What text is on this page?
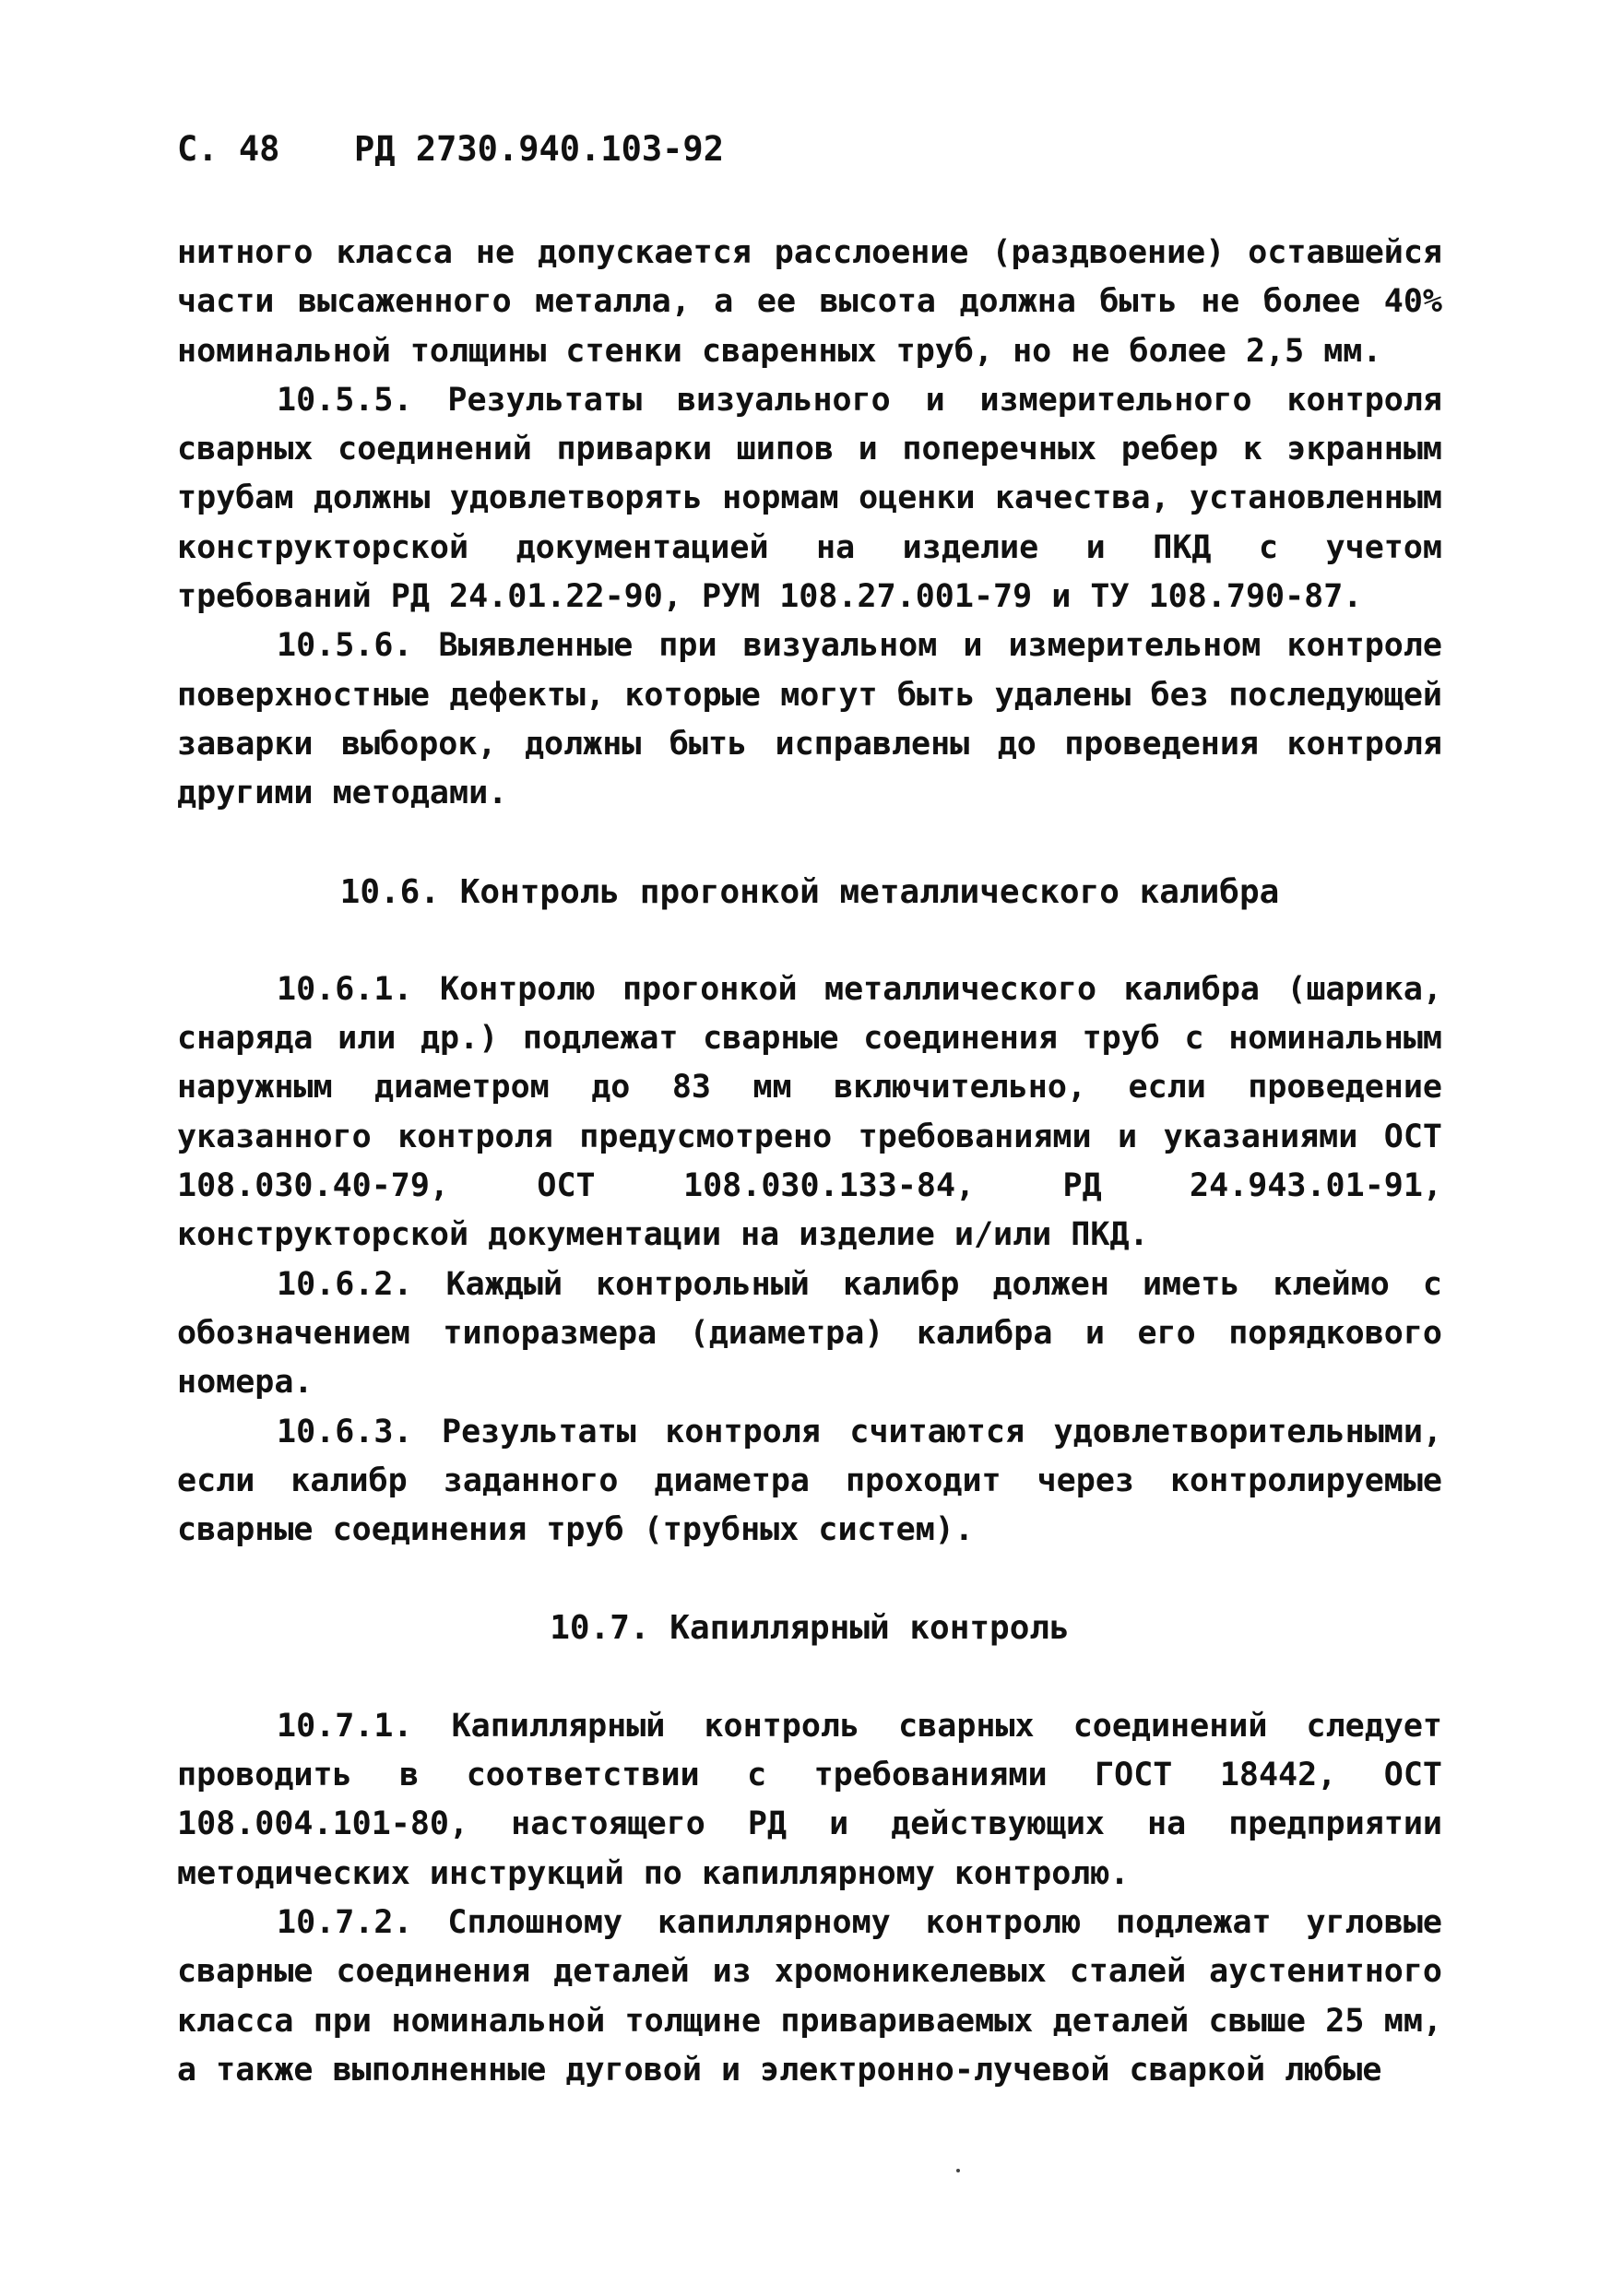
С. 48 РД 2730.940.103-92

нитного класса не допускается расслоение (раздвоение) оставшейся части высаженного металла, а ее высота должна быть не более 40% номинальной толщины стенки сваренных труб, но не более 2,5 мм.

10.5.5. Результаты визуального и измерительного контроля сварных соединений приварки шипов и поперечных ребер к экранным трубам должны удовлетворять нормам оценки качества, установленным конструкторской документацией на изделие и ПКД с учетом требований РД 24.01.22-90, РУМ 108.27.001-79 и ТУ 108.790-87.

10.5.6. Выявленные при визуальном и измерительном контроле поверхностные дефекты, которые могут быть удалены без последующей заварки выборок, должны быть исправлены до проведения контроля другими методами.

10.6. Контроль прогонкой металлического калибра

10.6.1. Контролю прогонкой металлического калибра (шарика, снаряда или др.) подлежат сварные соединения труб с номинальным наружным диаметром до 83 мм включительно, если проведение указанного контроля предусмотрено требованиями и указаниями ОСТ 108.030.40-79, ОСТ 108.030.133-84, РД 24.943.01-91, конструкторской документации на изделие и/или ПКД.

10.6.2. Каждый контрольный калибр должен иметь клеймо с обозначением типоразмера (диаметра) калибра и его порядкового номера.

10.6.3. Результаты контроля считаются удовлетворительными, если калибр заданного диаметра проходит через контролируемые сварные соединения труб (трубных систем).

10.7. Капиллярный контроль

10.7.1. Капиллярный контроль сварных соединений следует проводить в соответствии с требованиями ГОСТ 18442, ОСТ 108.004.101-80, настоящего РД и действующих на предприятии методических инструкций по капиллярному контролю.

10.7.2. Сплошному капиллярному контролю подлежат угловые сварные соединения деталей из хромоникелевых сталей аустенитного класса при номинальной толщине привариваемых деталей свыше 25 мм, а также выполненные дуговой и электронно-лучевой сваркой любые
